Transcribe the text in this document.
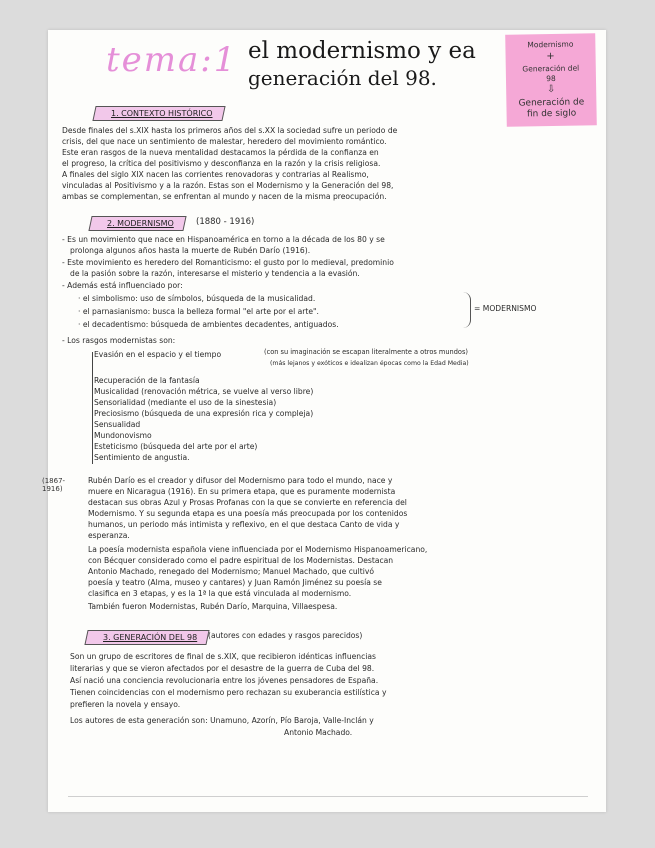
tema:1 el modernismo y ea
generación del 98.
Modernismo
+
Generación del
98
⇩
Generación de
fin de siglo
1. CONTEXTO HISTÓRICO
Desde finales del s.XIX hasta los primeros años del s.XX la sociedad sufre un periodo de
crisis, del que nace un sentimiento de malestar, heredero del movimiento romántico.
Este eran rasgos de la nueva mentalidad destacamos la pérdida de la confianza en
el progreso, la crítica del positivismo y desconfianza en la razón y la crisis religiosa.
A finales del siglo XIX nacen las corrientes renovadoras y contrarias al Realismo,
vinculadas al Positivismo y a la razón. Estas son el Modernismo y la Generación del 98,
ambas se complementan, se enfrentan al mundo y nacen de la misma preocupación.
2. MODERNISMO	(1880 - 1916)
- Es un movimiento que nace en Hispanoamérica en torno a la década de los 80 y se
prolonga algunos años hasta la muerte de Rubén Darío (1916).
- Este movimiento es heredero del Romanticismo: el gusto por lo medieval, predominio
de la pasión sobre la razón, interesarse el misterio y tendencia a la evasión.
- Además está influenciado por:
· el simbolismo: uso de símbolos, búsqueda de la musicalidad.
· el parnasianismo: busca la belleza formal "el arte por el arte".
· el decadentismo: búsqueda de ambientes decadentes, antiguados.
= MODERNISMO
- Los rasgos modernistas son:
Evasión en el espacio y el tiempo	(con su imaginación se escapan literalmente a otros mundos)
(más lejanos y exóticos e idealizan épocas como la Edad Media)
Recuperación de la fantasía
Musicalidad (renovación métrica, se vuelve al verso libre)
Sensorialidad (mediante el uso de la sinestesia)
Preciosismo (búsqueda de una expresión rica y compleja)
Sensualidad
Mundonovismo
Esteticismo (búsqueda del arte por el arte)
Sentimiento de angustia.
(1867-
1916)
Rubén Darío es el creador y difusor del Modernismo para todo el mundo, nace y
muere en Nicaragua (1916). En su primera etapa, que es puramente modernista
destacan sus obras Azul y Prosas Profanas con la que se convierte en referencia del
Modernismo. Y su segunda etapa es una poesía más preocupada por los contenidos
humanos, un periodo más intimista y reflexivo, en el que destaca Canto de vida y
esperanza.
La poesía modernista española viene influenciada por el Modernismo Hispanoamericano,
con Bécquer considerado como el padre espiritual de los Modernistas. Destacan
Antonio Machado, renegado del Modernismo; Manuel Machado, que cultivó
poesía y teatro (Alma, museo y cantares) y Juan Ramón Jiménez su poesía se
clasifica en 3 etapas, y es la 1ª la que está vinculada al modernismo.
También fueron Modernistas, Rubén Darío, Marquina, Villaespesa.
3. GENERACIÓN DEL 98	(autores con edades y rasgos parecidos)
Son un grupo de escritores de final de s.XIX, que recibieron idénticas influencias
literarias y que se vieron afectados por el desastre de la guerra de Cuba del 98.
Así nació una conciencia revolucionaria entre los jóvenes pensadores de España.
Tienen coincidencias con el modernismo pero rechazan su exuberancia estilística y
prefieren la novela y ensayo.
Los autores de esta generación son: Unamuno, Azorín, Pío Baroja, Valle-Inclán y
Antonio Machado.
